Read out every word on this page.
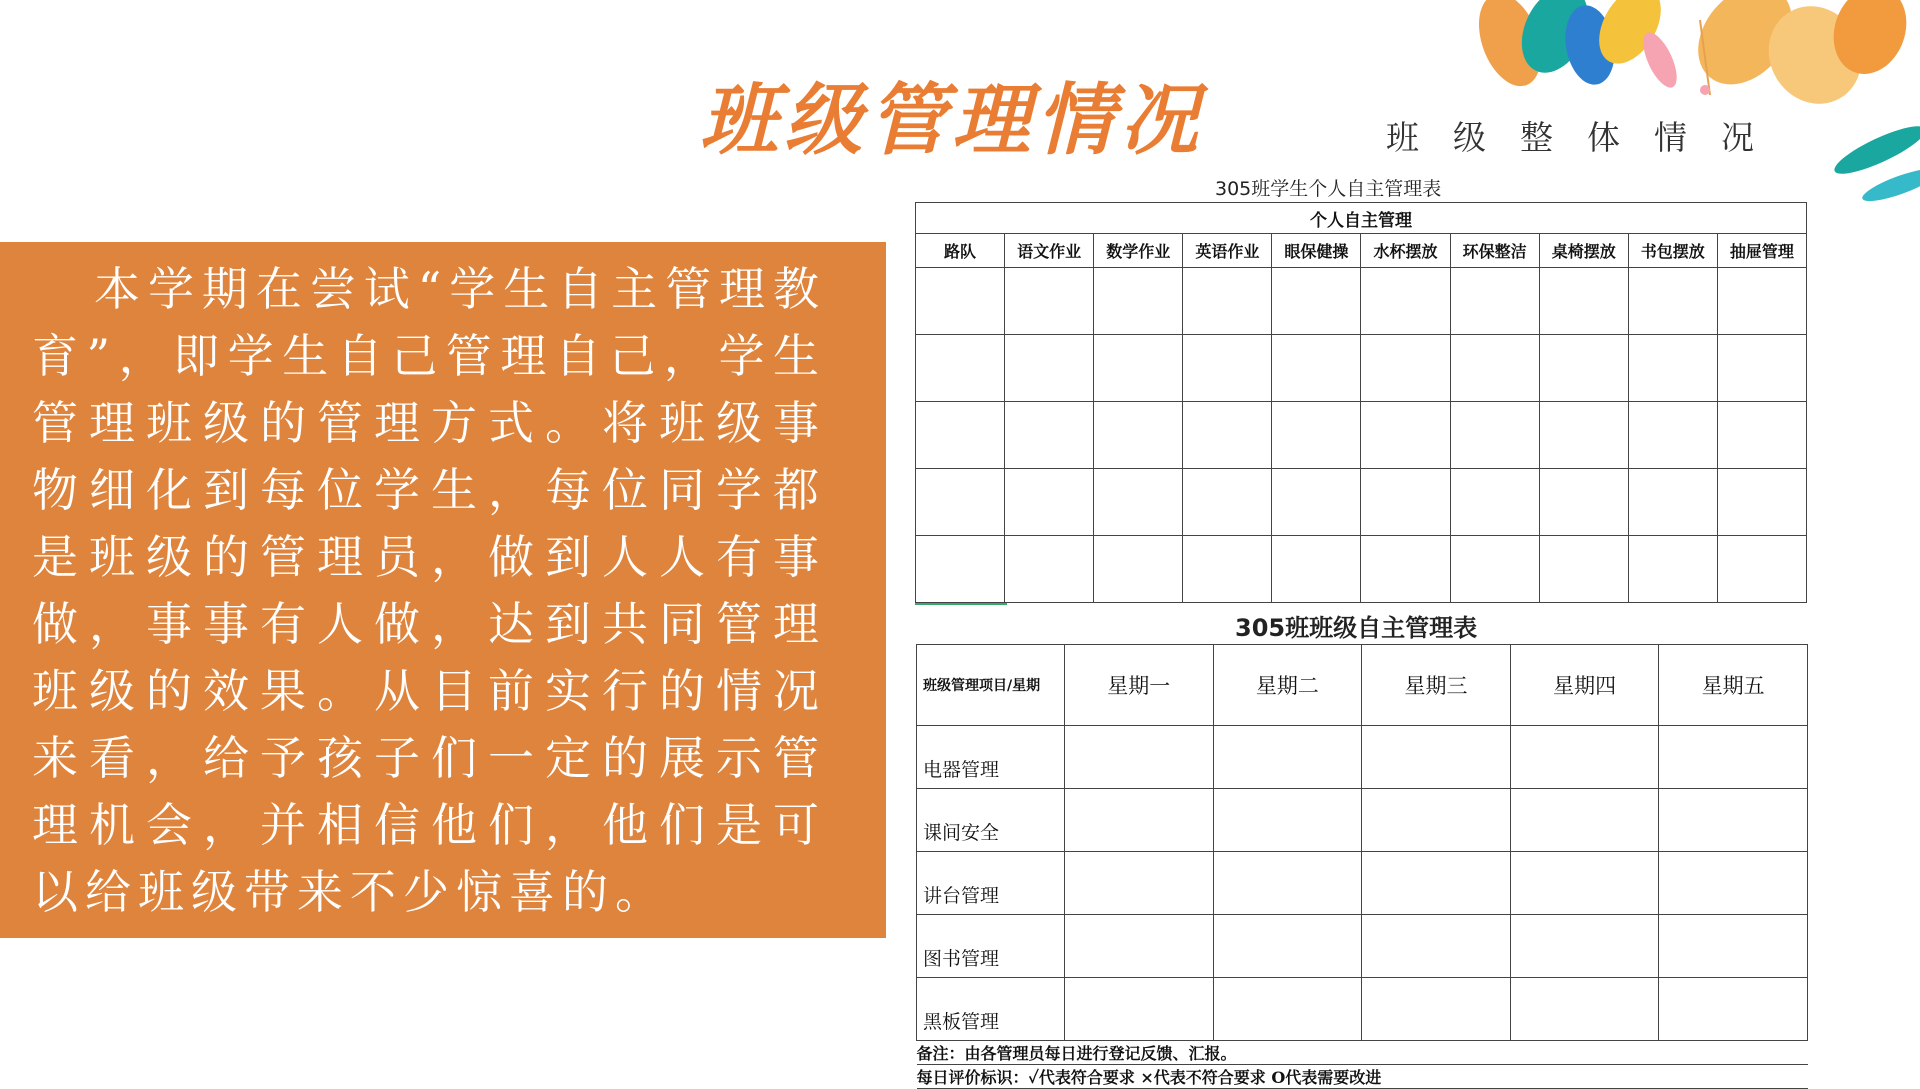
班级管理情况	班级整体情况
本学期在尝试“学生自主管理教育”，即学生自己管理自己，学生管理班级的管理方式。将班级事物细化到每位学生，每位同学都是班级的管理员，做到人人有事做，事事有人做，达到共同管理班级的效果。从目前实行的情况来看，给予孩子们一定的展示管理机会，并相信他们，他们是可以给班级带来不少惊喜的。
305班学生个人自主管理表
个人自主管理									
路队	语文作业	数学作业	英语作业	眼保健操	水杯摆放	环保整洁	桌椅摆放	书包摆放	抽屉管理

305班班级自主管理表
班级管理项目/星期	星期一	星期二	星期三	星期四	星期五
电器管理					
课间安全					
讲台管理					
图书管理					
黑板管理					
备注：由各管理员每日进行登记反馈、汇报。					
每日评价标识：✓代表符合要求 ×代表不符合要求 O代表需要改进					
